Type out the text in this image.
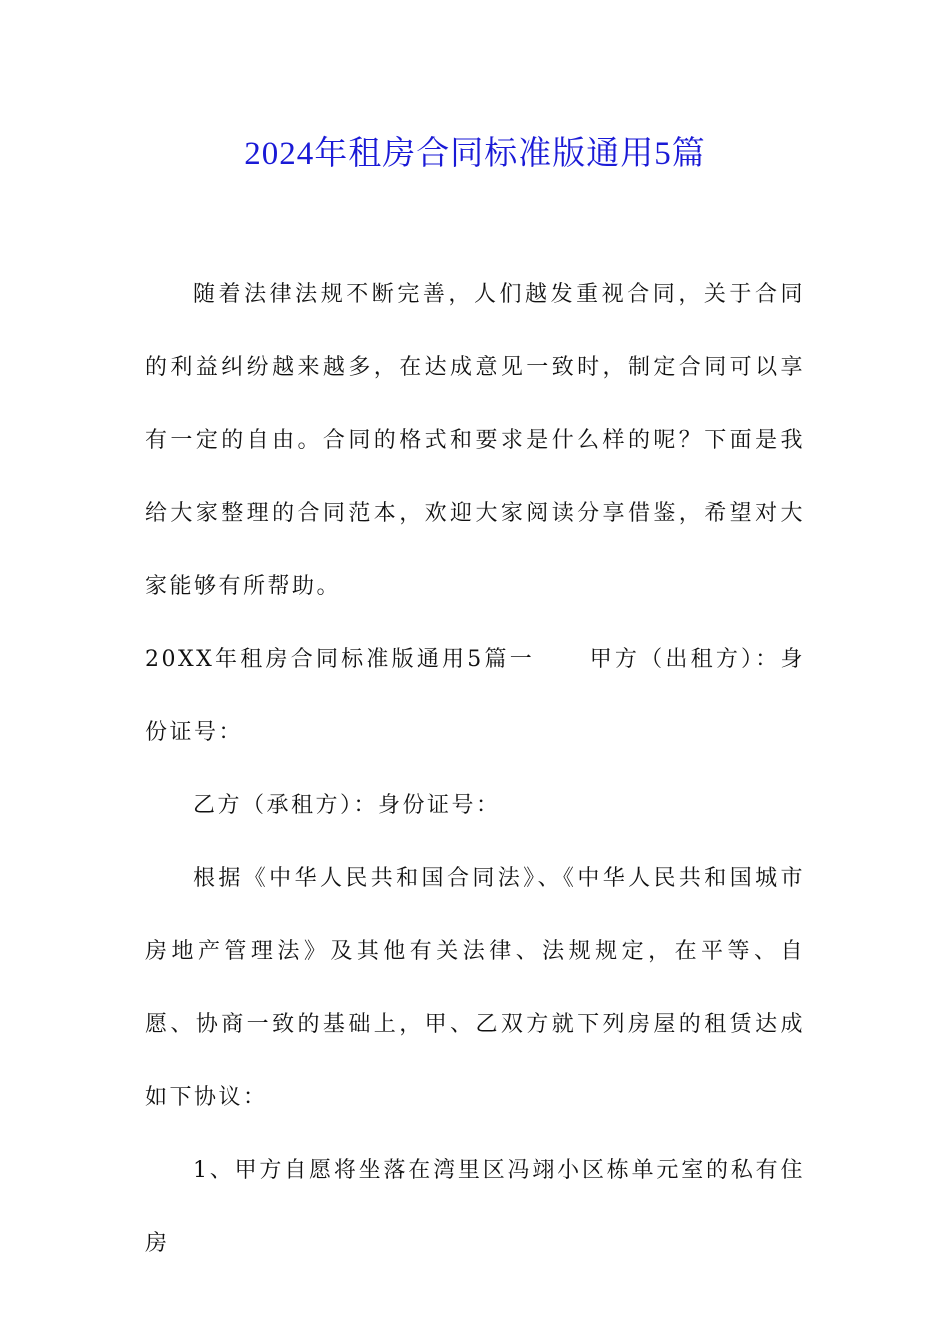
2024年租房合同标准版通用5篇

随着法律法规不断完善，人们越发重视合同，关于合同的利益纠纷越来越多，在达成意见一致时，制定合同可以享有一定的自由。合同的格式和要求是什么样的呢？下面是我给大家整理的合同范本，欢迎大家阅读分享借鉴，希望对大家能够有所帮助。

20XX年租房合同标准版通用5篇一 甲方（出租方）：身份证号：

乙方（承租方）：身份证号：

根据《中华人民共和国合同法》、《中华人民共和国城市房地产管理法》及其他有关法律、法规规定，在平等、自愿、协商一致的基础上，甲、乙双方就下列房屋的租赁达成如下协议：

1、甲方自愿将坐落在湾里区冯翊小区栋单元室的私有住房
